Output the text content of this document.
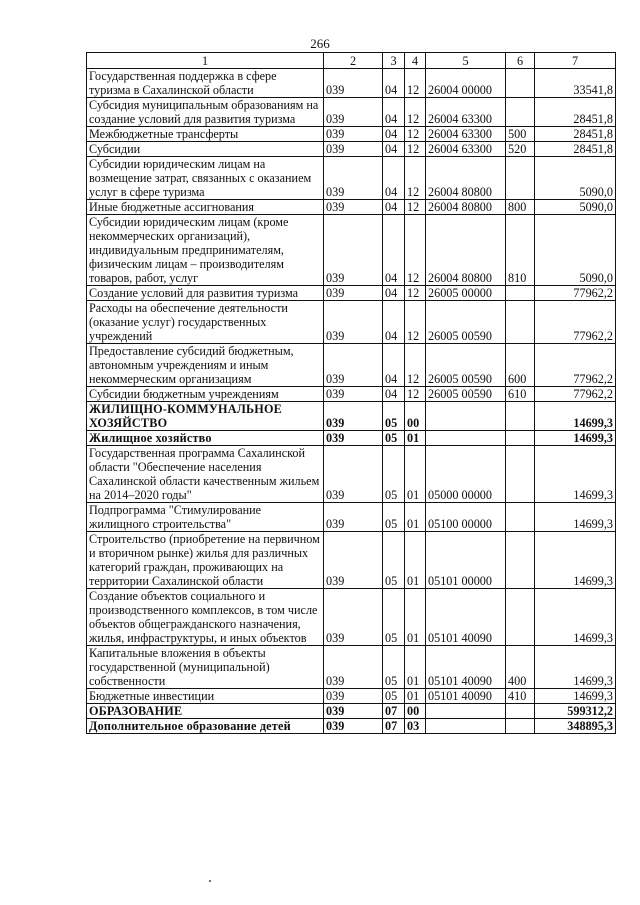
266
1	2	3	4	5	6	7
Государственная поддержка в сфере туризма в Сахалинской области	039	04	12	26004 00000		33541,8
Субсидия муниципальным образованиям на создание условий для развития туризма	039	04	12	26004 63300		28451,8
Межбюджетные трансферты	039	04	12	26004 63300	500	28451,8
Субсидии	039	04	12	26004 63300	520	28451,8
Субсидии юридическим лицам на возмещение затрат, связанных с оказанием услуг в сфере туризма	039	04	12	26004 80800		5090,0
Иные бюджетные ассигнования	039	04	12	26004 80800	800	5090,0
Субсидии юридическим лицам (кроме некоммерческих организаций), индивидуальным предпринимателям, физическим лицам – производителям товаров, работ, услуг	039	04	12	26004 80800	810	5090,0
Создание условий для развития туризма	039	04	12	26005 00000		77962,2
Расходы на обеспечение деятельности (оказание услуг) государственных учреждений	039	04	12	26005 00590		77962,2
Предоставление субсидий бюджетным, автономным учреждениям и иным некоммерческим организациям	039	04	12	26005 00590	600	77962,2
Субсидии бюджетным учреждениям	039	04	12	26005 00590	610	77962,2
ЖИЛИЩНО-КОММУНАЛЬНОЕ ХОЗЯЙСТВО	039	05	00			14699,3
Жилищное хозяйство	039	05	01			14699,3
Государственная программа Сахалинской области "Обеспечение населения Сахалинской области качественным жильем на 2014–2020 годы"	039	05	01	05000 00000		14699,3
Подпрограмма "Стимулирование жилищного строительства"	039	05	01	05100 00000		14699,3
Строительство (приобретение на первичном и вторичном рынке) жилья для различных категорий граждан, проживающих на территории Сахалинской области	039	05	01	05101 00000		14699,3
Создание объектов социального и производственного комплексов, в том числе объектов общегражданского назначения, жилья, инфраструктуры, и иных объектов	039	05	01	05101 40090		14699,3
Капитальные вложения в объекты государственной (муниципальной) собственности	039	05	01	05101 40090	400	14699,3
Бюджетные инвестиции	039	05	01	05101 40090	410	14699,3
ОБРАЗОВАНИЕ	039	07	00			599312,2
Дополнительное образование детей	039	07	03			348895,3
